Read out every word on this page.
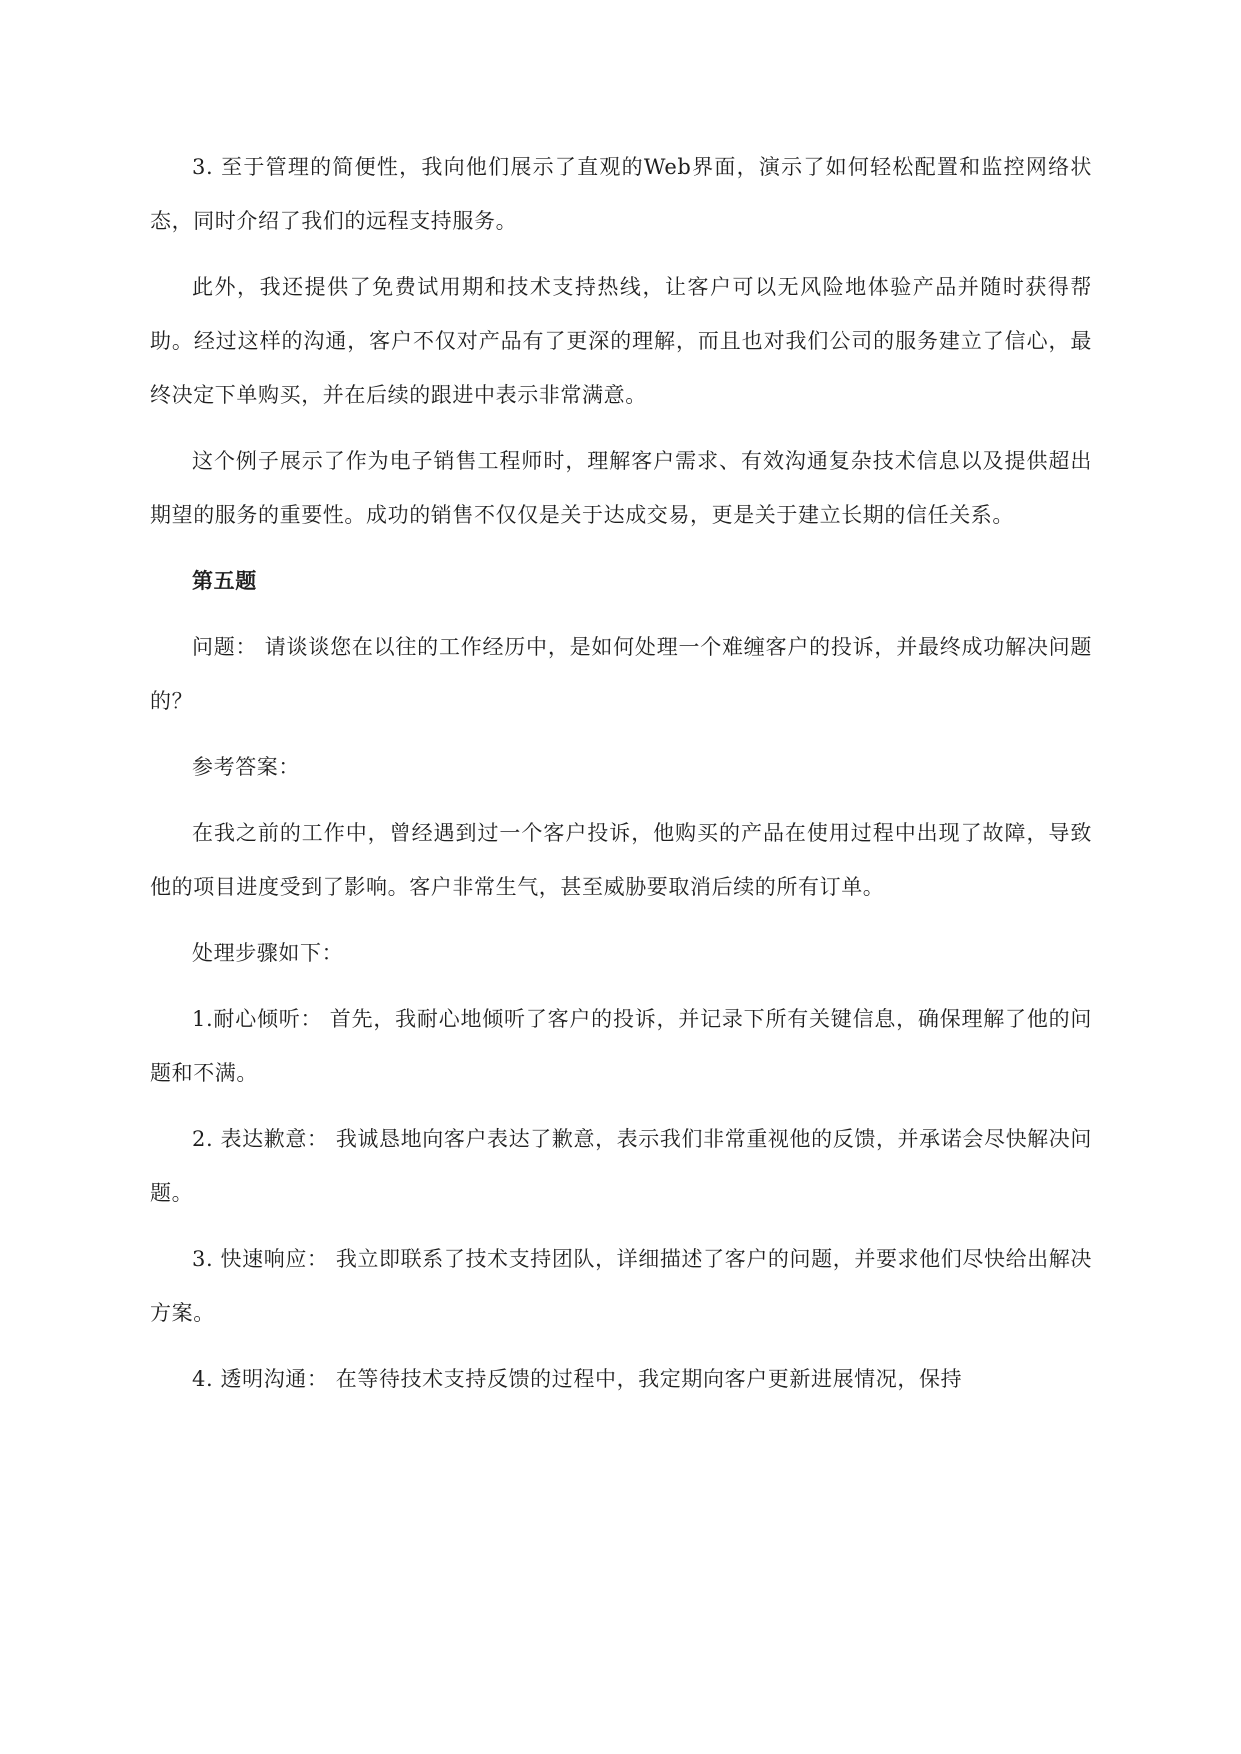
3. 至于管理的简便性，我向他们展示了直观的Web界面，演示了如何轻松配置和监控网络状态，同时介绍了我们的远程支持服务。

此外，我还提供了免费试用期和技术支持热线，让客户可以无风险地体验产品并随时获得帮助。经过这样的沟通，客户不仅对产品有了更深的理解，而且也对我们公司的服务建立了信心，最终决定下单购买，并在后续的跟进中表示非常满意。

这个例子展示了作为电子销售工程师时，理解客户需求、有效沟通复杂技术信息以及提供超出期望的服务的重要性。成功的销售不仅仅是关于达成交易，更是关于建立长期的信任关系。

第五题

问题： 请谈谈您在以往的工作经历中，是如何处理一个难缠客户的投诉，并最终成功解决问题的？

参考答案：

在我之前的工作中，曾经遇到过一个客户投诉，他购买的产品在使用过程中出现了故障，导致他的项目进度受到了影响。客户非常生气，甚至威胁要取消后续的所有订单。

处理步骤如下：

1.耐心倾听： 首先，我耐心地倾听了客户的投诉，并记录下所有关键信息，确保理解了他的问题和不满。

2. 表达歉意： 我诚恳地向客户表达了歉意，表示我们非常重视他的反馈，并承诺会尽快解决问题。

3. 快速响应： 我立即联系了技术支持团队，详细描述了客户的问题，并要求他们尽快给出解决方案。

4. 透明沟通： 在等待技术支持反馈的过程中，我定期向客户更新进展情况，保持
